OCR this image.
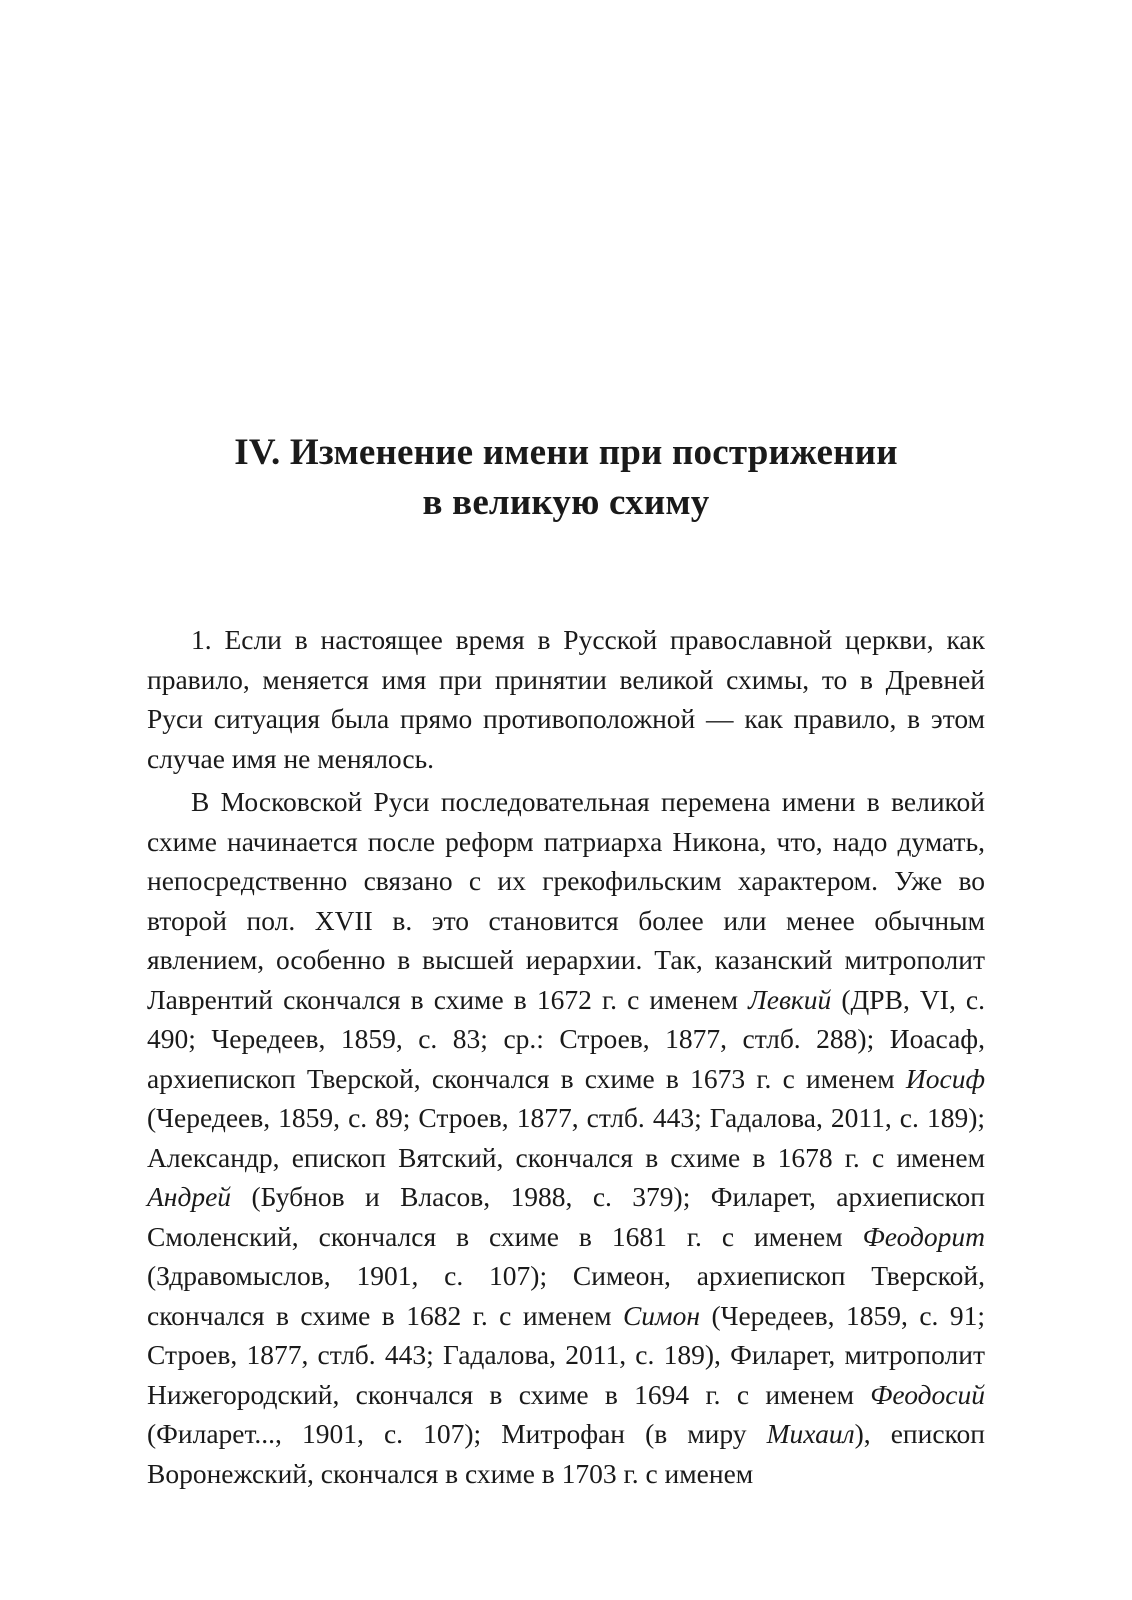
IV. Изменение имени при пострижении
в великую схиму

1. Если в настоящее время в Русской православной церкви, как правило, меняется имя при принятии великой схимы, то в Древней Руси ситуация была прямо противоположной — как правило, в этом случае имя не менялось.

В Московской Руси последовательная перемена имени в великой схиме начинается после реформ патриарха Никона, что, надо думать, непосредственно связано с их грекофильским характером. Уже во второй пол. XVII в. это становится более или менее обычным явлением, особенно в высшей иерархии. Так, казанский митрополит Лаврентий скончался в схиме в 1672 г. с именем Левкий (ДРВ, VI, с. 490; Чередеев, 1859, с. 83; ср.: Строев, 1877, стлб. 288); Иоасаф, архиепископ Тверской, скончался в схиме в 1673 г. с именем Иосиф (Чередеев, 1859, с. 89; Строев, 1877, стлб. 443; Гадалова, 2011, с. 189); Александр, епископ Вятский, скончался в схиме в 1678 г. с именем Андрей (Бубнов и Власов, 1988, с. 379); Филарет, архиепископ Смоленский, скончался в схиме в 1681 г. с именем Феодорит (Здравомыслов, 1901, с. 107); Симеон, архиепископ Тверской, скончался в схиме в 1682 г. с именем Симон (Чередеев, 1859, с. 91; Строев, 1877, стлб. 443; Гадалова, 2011, с. 189), Филарет, митрополит Нижегородский, скончался в схиме в 1694 г. с именем Феодосий (Филарет..., 1901, с. 107); Митрофан (в миру Михаил), епископ Воронежский, скончался в схиме в 1703 г. с именем
